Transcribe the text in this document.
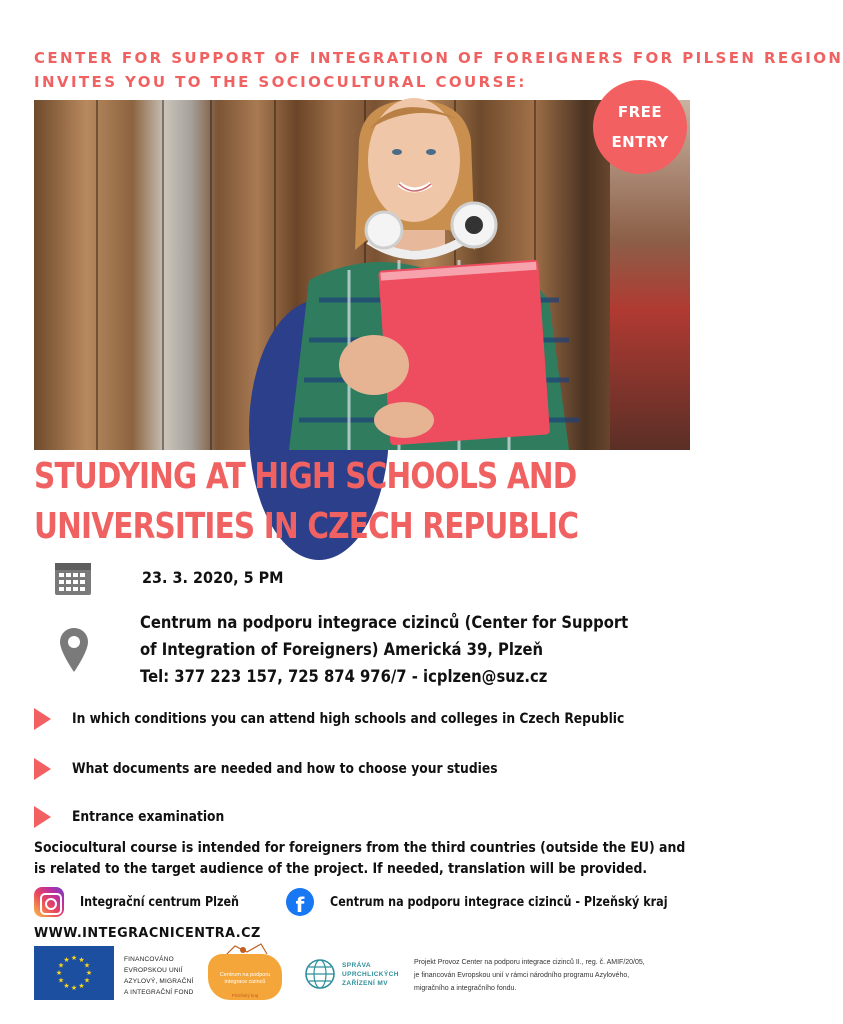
CENTER FOR SUPPORT OF INTEGRATION OF FOREIGNERS FOR PILSEN REGION
INVITES YOU TO THE SOCIOCULTURAL COURSE:
FREE
ENTRY
STUDYING AT HIGH SCHOOLS AND
UNIVERSITIES IN CZECH REPUBLIC
23. 3. 2020, 5 PM
Centrum na podporu integrace cizinců (Center for Support
of Integration of Foreigners) Americká 39, Plzeň
Tel: 377 223 157, 725 874 976/7 - icplzen@suz.cz
In which conditions you can attend high schools and colleges in Czech Republic
What documents are needed and how to choose your studies
Entrance examination
Sociocultural course is intended for foreigners from the third countries (outside the EU) and
is related to the target audience of the project. If needed, translation will be provided.
Integrační centrum Plzeň	f	Centrum na podporu integrace cizinců - Plzeňský kraj
WWW.INTEGRACNICENTRA.CZ
★ ★
★
★
★
★
★
★
★
★
★
★	FINANCOVÁNO
EVROPSKOU UNIÍ
AZYLOVÝ, MIGRAČNÍ
A INTEGRAČNÍ FOND
Centrum na podporu
integrace cizinců
Plzeňský kraj
SPRÁVA
UPRCHLICKÝCH
ZAŘÍZENÍ MV
Projekt Provoz Center na podporu integrace cizinců II., reg. č. AMIF/20/05,
je financován Evropskou unií v rámci národního programu Azylového,
migračního a integračního fondu.
